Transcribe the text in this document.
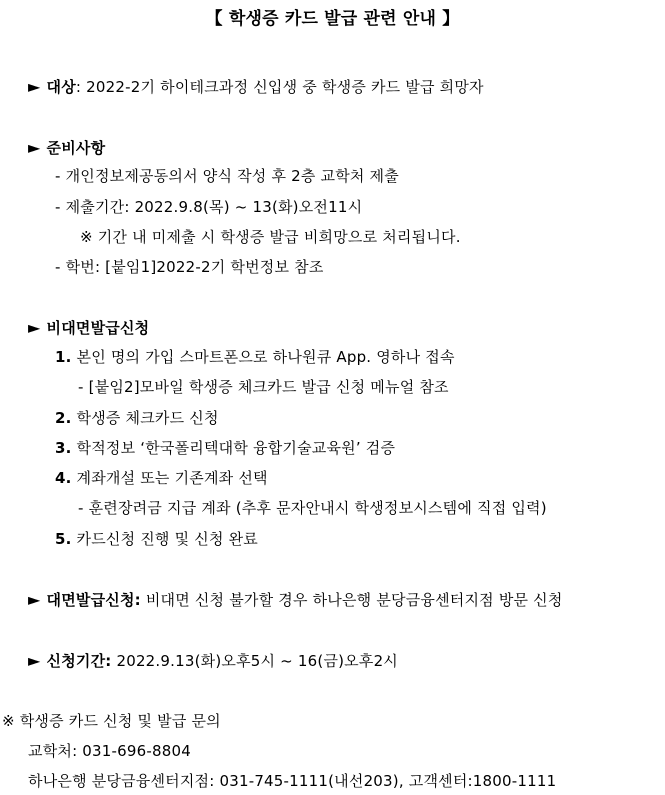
【 학생증 카드 발급 관련 안내 】
► 대상: 2022-2기 하이테크과정 신입생 중 학생증 카드 발급 희망자
► 준비사항
- 개인정보제공동의서 양식 작성 후 2층 교학처 제출
- 제출기간: 2022.9.8(목) ~ 13(화)오전11시
※ 기간 내 미제출 시 학생증 발급 비희망으로 처리됩니다.
- 학번: [붙임1]2022-2기 학번정보 참조
► 비대면발급신청
1. 본인 명의 가입 스마트폰으로 하나원큐 App. 영하나 접속
- [붙임2]모바일 학생증 체크카드 발급 신청 메뉴얼 참조
2. 학생증 체크카드 신청
3. 학적정보 ‘한국폴리텍대학 융합기술교육원’ 검증
4. 계좌개설 또는 기존계좌 선택
- 훈련장려금 지급 계좌 (추후 문자안내시 학생정보시스템에 직접 입력)
5. 카드신청 진행 및 신청 완료
► 대면발급신청: 비대면 신청 불가할 경우 하나은행 분당금융센터지점 방문 신청
► 신청기간: 2022.9.13(화)오후5시 ~ 16(금)오후2시
※ 학생증 카드 신청 및 발급 문의
교학처: 031-696-8804
하나은행 분당금융센터지점: 031-745-1111(내선203), 고객센터:1800-1111
